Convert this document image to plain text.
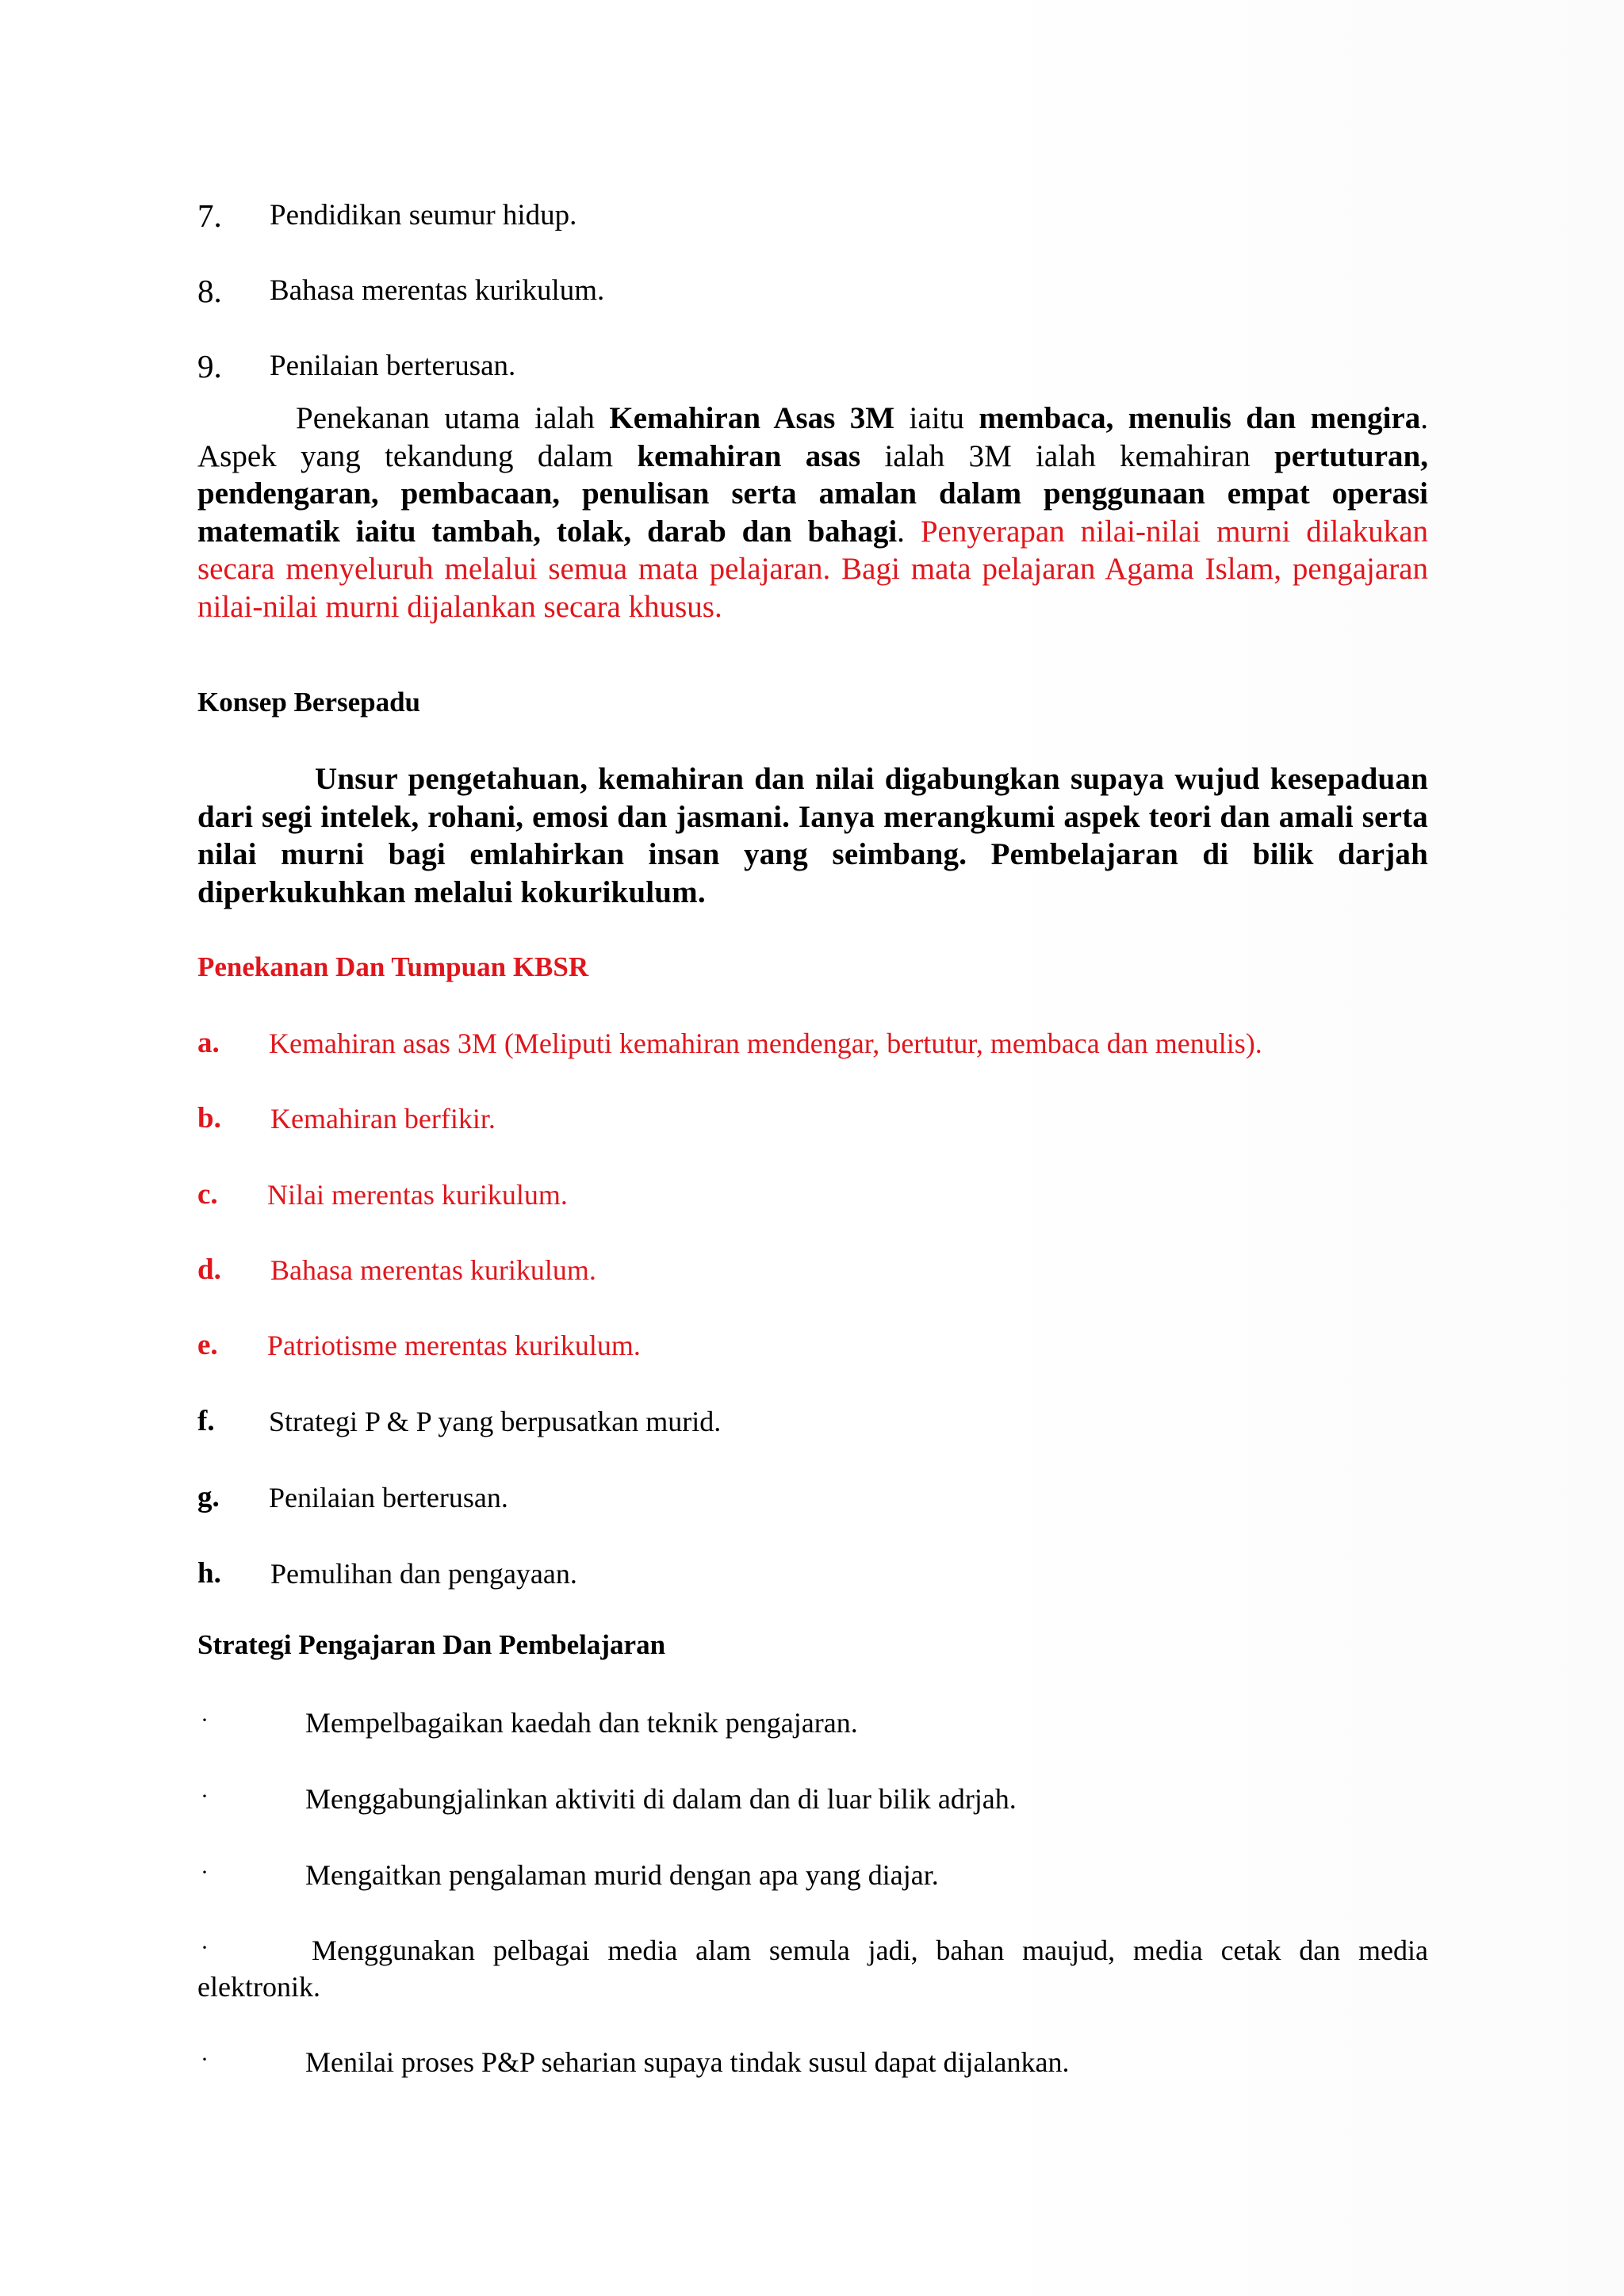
7. Pendidikan seumur hidup.
8. Bahasa merentas kurikulum.
9. Penilaian berterusan.

Penekanan utama ialah Kemahiran Asas 3M iaitu membaca, menulis dan mengira. Aspek yang tekandung dalam kemahiran asas ialah 3M ialah kemahiran pertuturan, pendengaran, pembacaan, penulisan serta amalan dalam penggunaan empat operasi matematik iaitu tambah, tolak, darab dan bahagi. Penyerapan nilai-nilai murni dilakukan secara menyeluruh melalui semua mata pelajaran. Bagi mata pelajaran Agama Islam, pengajaran nilai-nilai murni dijalankan secara khusus.

Konsep Bersepadu

Unsur pengetahuan, kemahiran dan nilai digabungkan supaya wujud kesepaduan dari segi intelek, rohani, emosi dan jasmani. Ianya merangkumi aspek teori dan amali serta nilai murni bagi emlahirkan insan yang seimbang. Pembelajaran di bilik darjah diperkukuhkan melalui kokurikulum.

Penekanan Dan Tumpuan KBSR
a. Kemahiran asas 3M (Meliputi kemahiran mendengar, bertutur, membaca dan menulis).
b. Kemahiran berfikir.
c. Nilai merentas kurikulum.
d. Bahasa merentas kurikulum.
e. Patriotisme merentas kurikulum.
f. Strategi P & P yang berpusatkan murid.
g. Penilaian berterusan.
h. Pemulihan dan pengayaan.
Strategi Pengajaran Dan Pembelajaran
·	Mempelbagaikan kaedah dan teknik pengajaran.
·	Menggabungjalinkan aktiviti di dalam dan di luar bilik adrjah.
·	Mengaitkan pengalaman murid dengan apa yang diajar.
·	Menggunakan pelbagai media alam semula jadi, bahan maujud, media cetak dan media elektronik.
·	Menilai proses P&P seharian supaya tindak susul dapat dijalankan.
